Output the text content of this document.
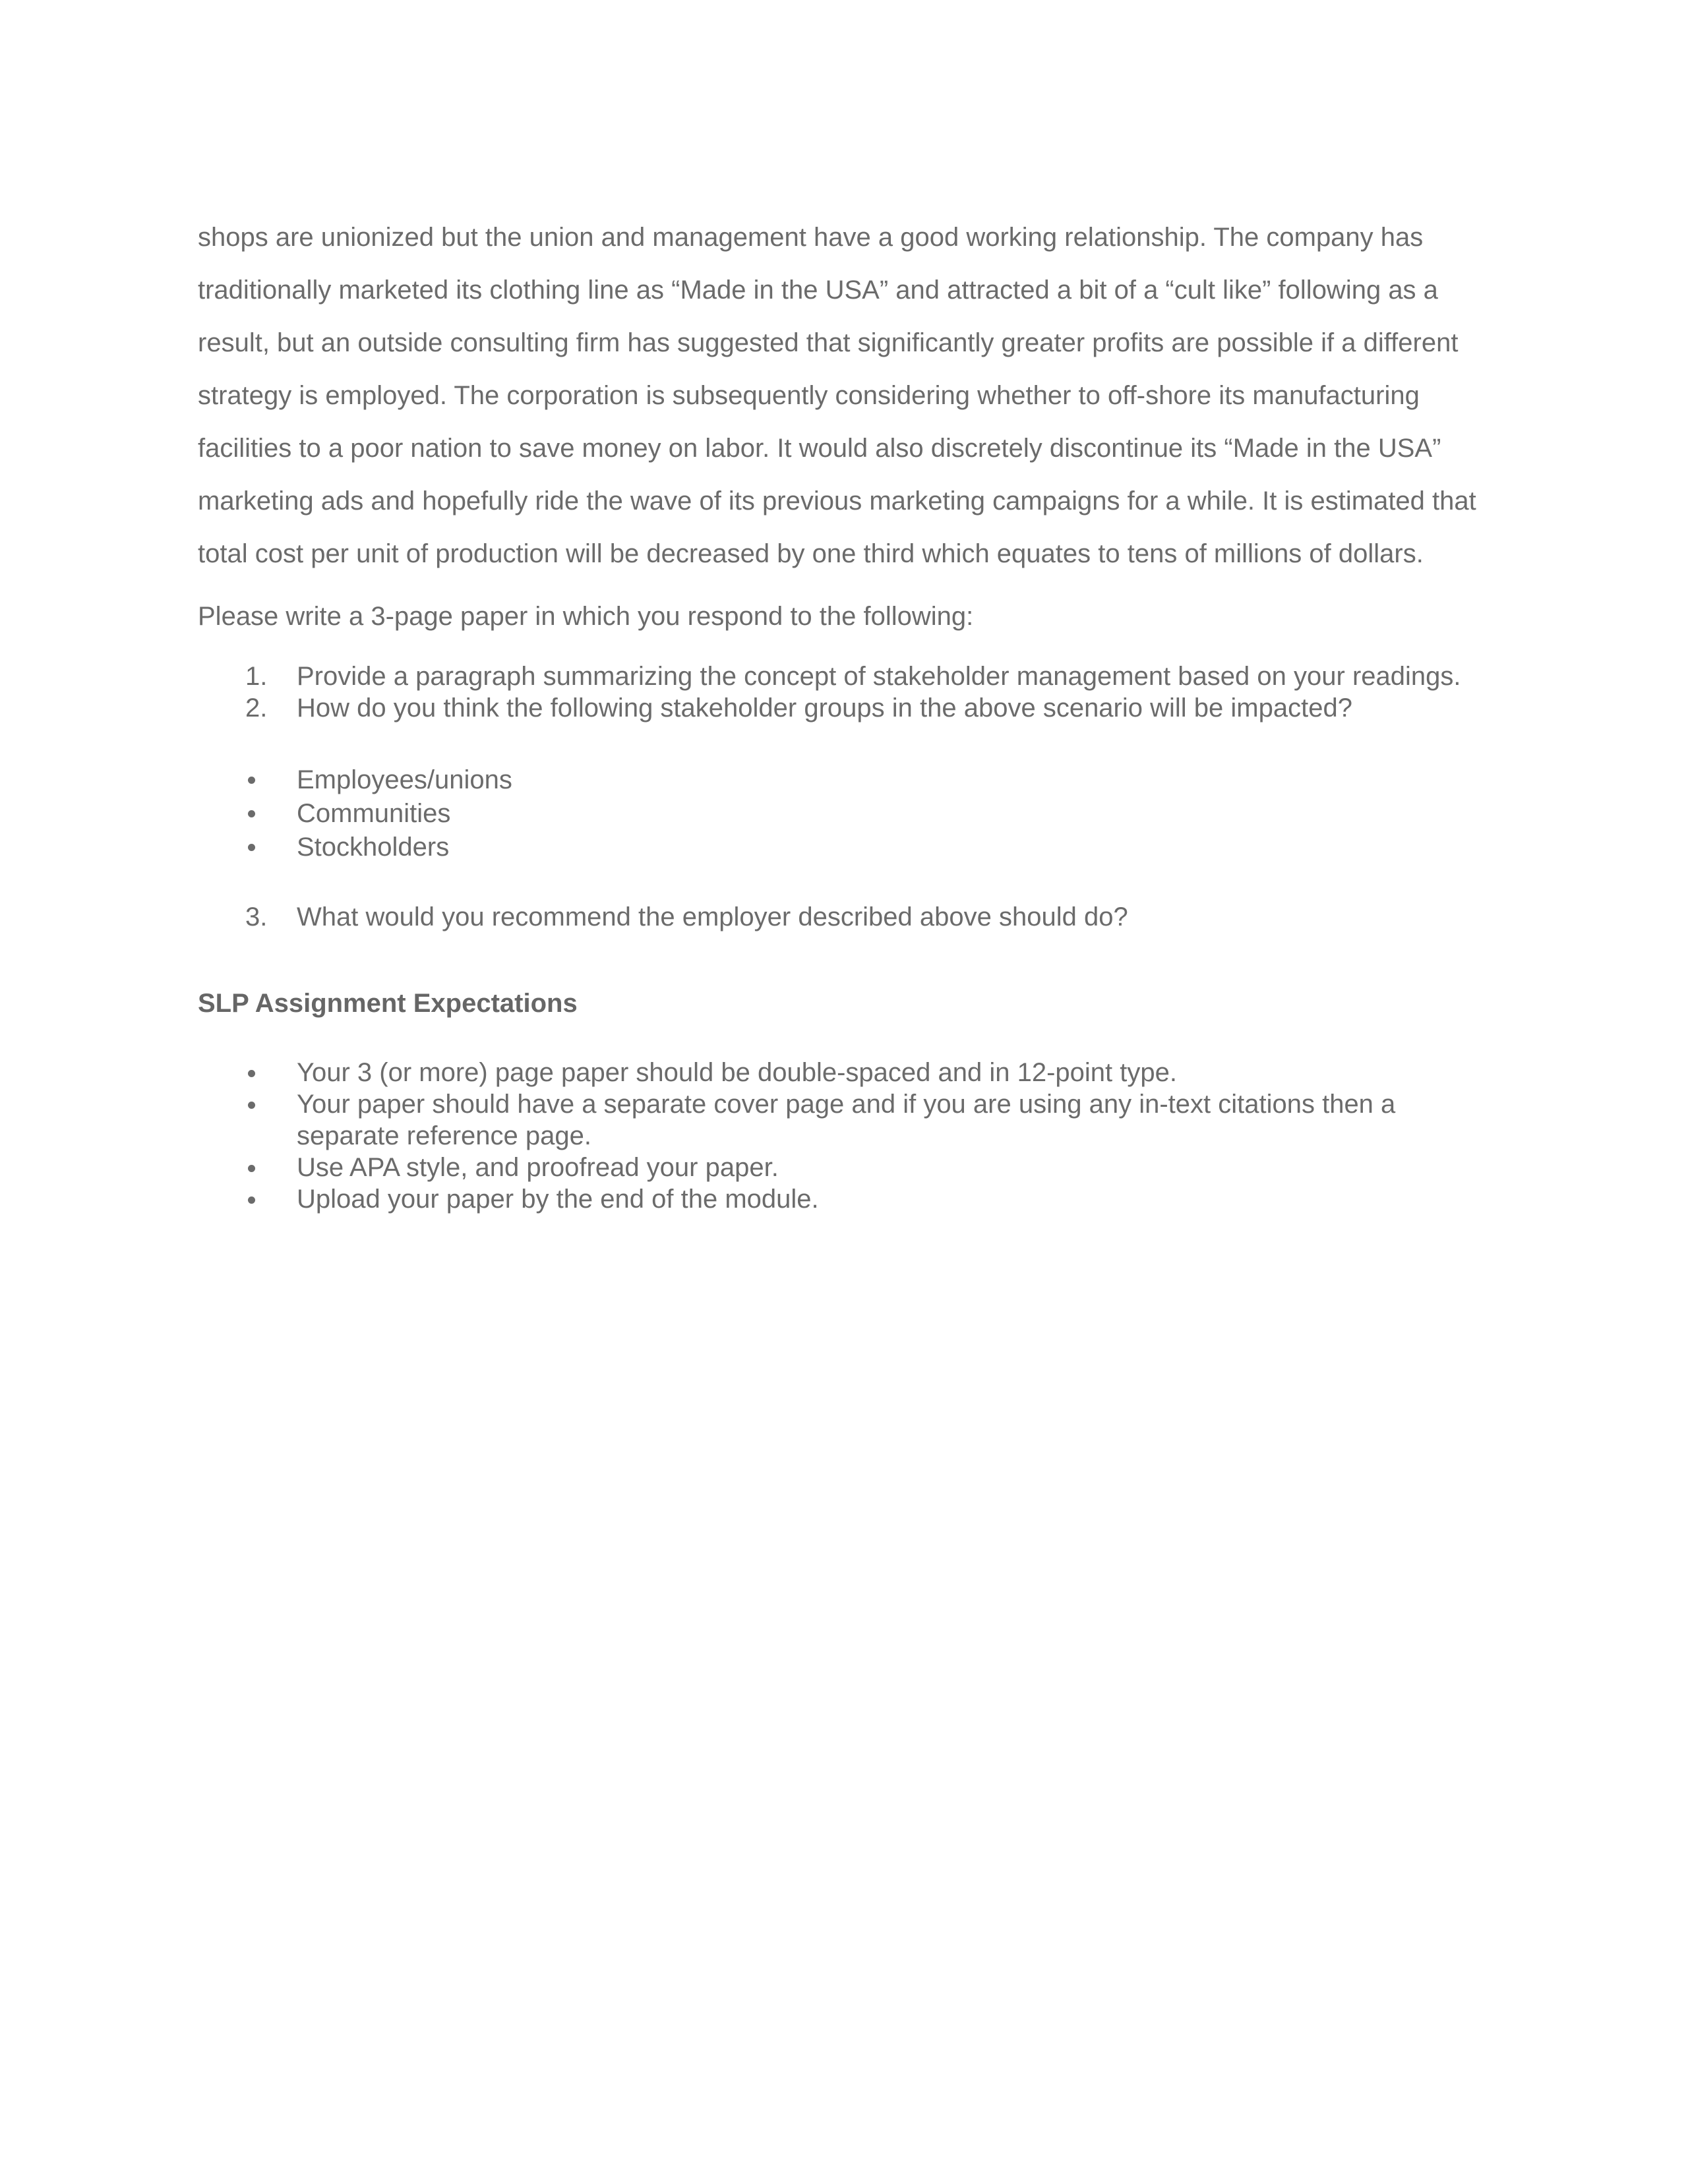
shops are unionized but the union and management have a good working relationship. The company has traditionally marketed its clothing line as “Made in the USA” and attracted a bit of a “cult like” following as a result, but an outside consulting firm has suggested that significantly greater profits are possible if a different strategy is employed. The corporation is subsequently considering whether to off-shore its manufacturing facilities to a poor nation to save money on labor. It would also discretely discontinue its “Made in the USA” marketing ads and hopefully ride the wave of its previous marketing campaigns for a while. It is estimated that total cost per unit of production will be decreased by one third which equates to tens of millions of dollars.

Please write a 3-page paper in which you respond to the following:

1.	Provide a paragraph summarizing the concept of stakeholder management based on your readings.
2.	How do you think the following stakeholder groups in the above scenario will be impacted?
Employees/unions
Communities
Stockholders
3.	What would you recommend the employer described above should do?

SLP Assignment Expectations

Your 3 (or more) page paper should be double-spaced and in 12-point type.
Your paper should have a separate cover page and if you are using any in-text citations then a separate reference page.
Use APA style, and proofread your paper.
Upload your paper by the end of the module.
